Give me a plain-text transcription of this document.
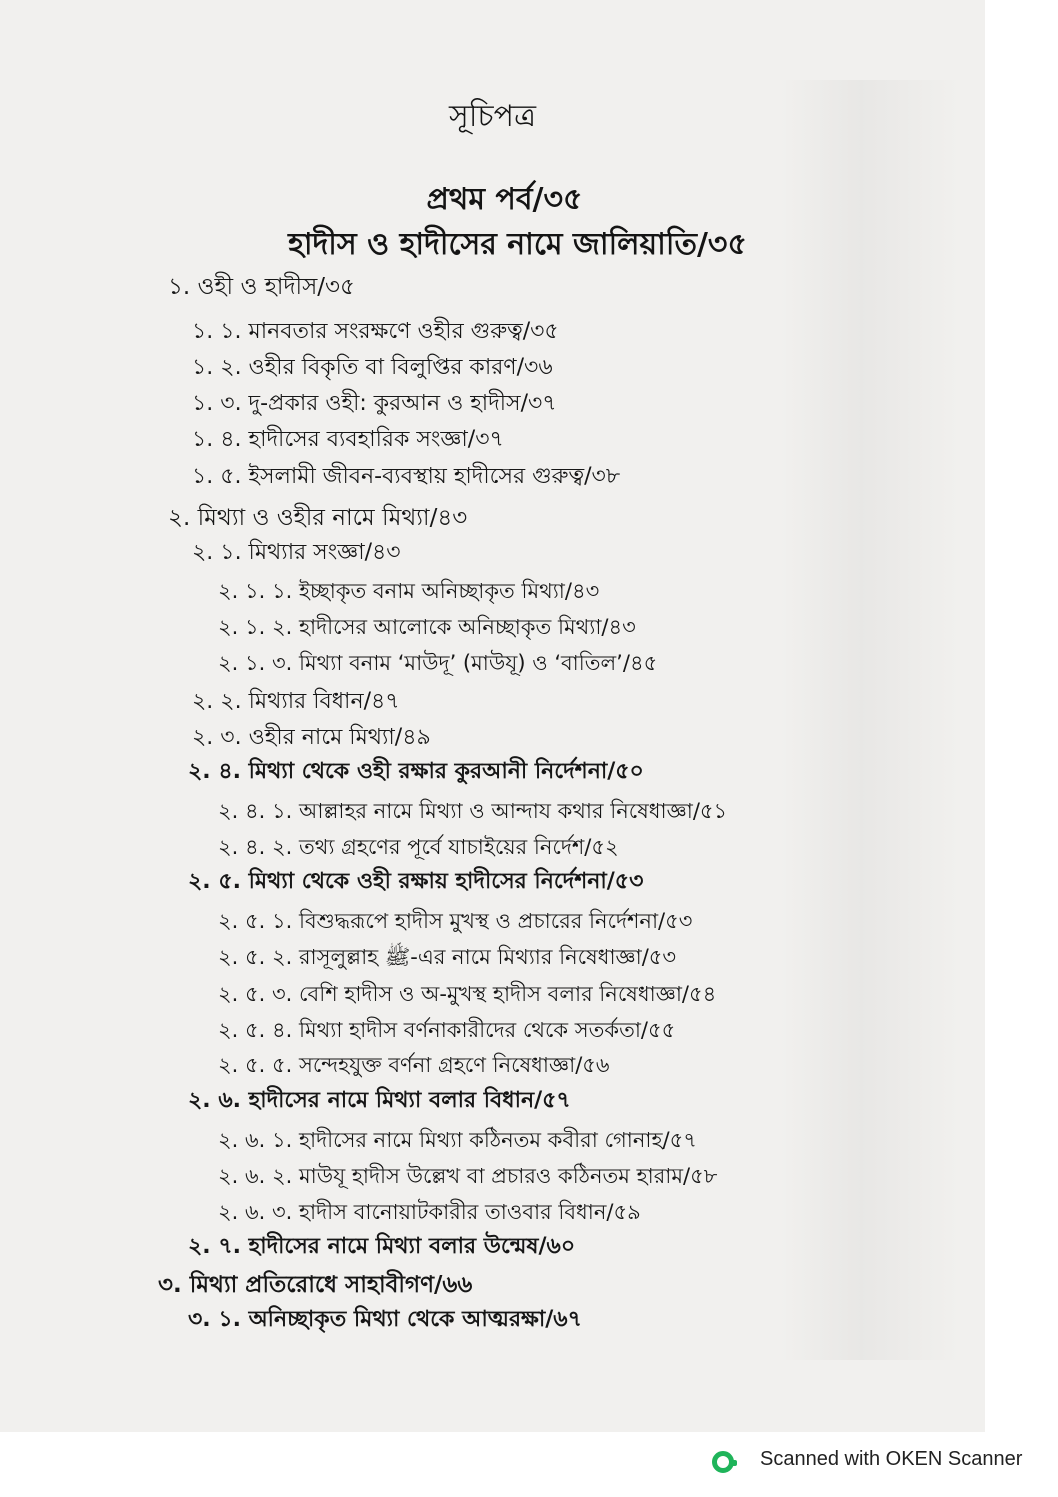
সূচিপত্র
প্রথম পর্ব/৩৫
হাদীস ও হাদীসের নামে জালিয়াতি/৩৫
১. ওহী ও হাদীস/৩৫
১. ১. মানবতার সংরক্ষণে ওহীর গুরুত্ব/৩৫
১. ২. ওহীর বিকৃতি বা বিলুপ্তির কারণ/৩৬
১. ৩. দু-প্রকার ওহী: কুরআন ও হাদীস/৩৭
১. ৪. হাদীসের ব্যবহারিক সংজ্ঞা/৩৭
১. ৫. ইসলামী জীবন-ব্যবস্থায় হাদীসের গুরুত্ব/৩৮
২. মিথ্যা ও ওহীর নামে মিথ্যা/৪৩
২. ১. মিথ্যার সংজ্ঞা/৪৩
২. ১. ১. ইচ্ছাকৃত বনাম অনিচ্ছাকৃত মিথ্যা/৪৩
২. ১. ২. হাদীসের আলোকে অনিচ্ছাকৃত মিথ্যা/৪৩
২. ১. ৩. মিথ্যা বনাম ‘মাউদূ’ (মাউযূ) ও ‘বাতিল’/৪৫
২. ২. মিথ্যার বিধান/৪৭
২. ৩. ওহীর নামে মিথ্যা/৪৯
২. ৪. মিথ্যা থেকে ওহী রক্ষার কুরআনী নির্দেশনা/৫০
২. ৪. ১. আল্লাহর নামে মিথ্যা ও আন্দায কথার নিষেধাজ্ঞা/৫১
২. ৪. ২. তথ্য গ্রহণের পূর্বে যাচাইয়ের নির্দেশ/৫২
২. ৫. মিথ্যা থেকে ওহী রক্ষায় হাদীসের নির্দেশনা/৫৩
২. ৫. ১. বিশুদ্ধরূপে হাদীস মুখস্থ ও প্রচারের নির্দেশনা/৫৩
২. ৫. ২. রাসূলুল্লাহ ﷺ-এর নামে মিথ্যার নিষেধাজ্ঞা/৫৩
২. ৫. ৩. বেশি হাদীস ও অ-মুখস্থ হাদীস বলার নিষেধাজ্ঞা/৫৪
২. ৫. ৪. মিথ্যা হাদীস বর্ণনাকারীদের থেকে সতর্কতা/৫৫
২. ৫. ৫. সন্দেহযুক্ত বর্ণনা গ্রহণে নিষেধাজ্ঞা/৫৬
২. ৬. হাদীসের নামে মিথ্যা বলার বিধান/৫৭
২. ৬. ১. হাদীসের নামে মিথ্যা কঠিনতম কবীরা গোনাহ/৫৭
২. ৬. ২. মাউযূ হাদীস উল্লেখ বা প্রচারও কঠিনতম হারাম/৫৮
২. ৬. ৩. হাদীস বানোয়াটকারীর তাওবার বিধান/৫৯
২. ৭. হাদীসের নামে মিথ্যা বলার উন্মেষ/৬০
৩. মিথ্যা প্রতিরোধে সাহাবীগণ/৬৬
৩. ১. অনিচ্ছাকৃত মিথ্যা থেকে আত্মরক্ষা/৬৭
Scanned with OKEN Scanner
